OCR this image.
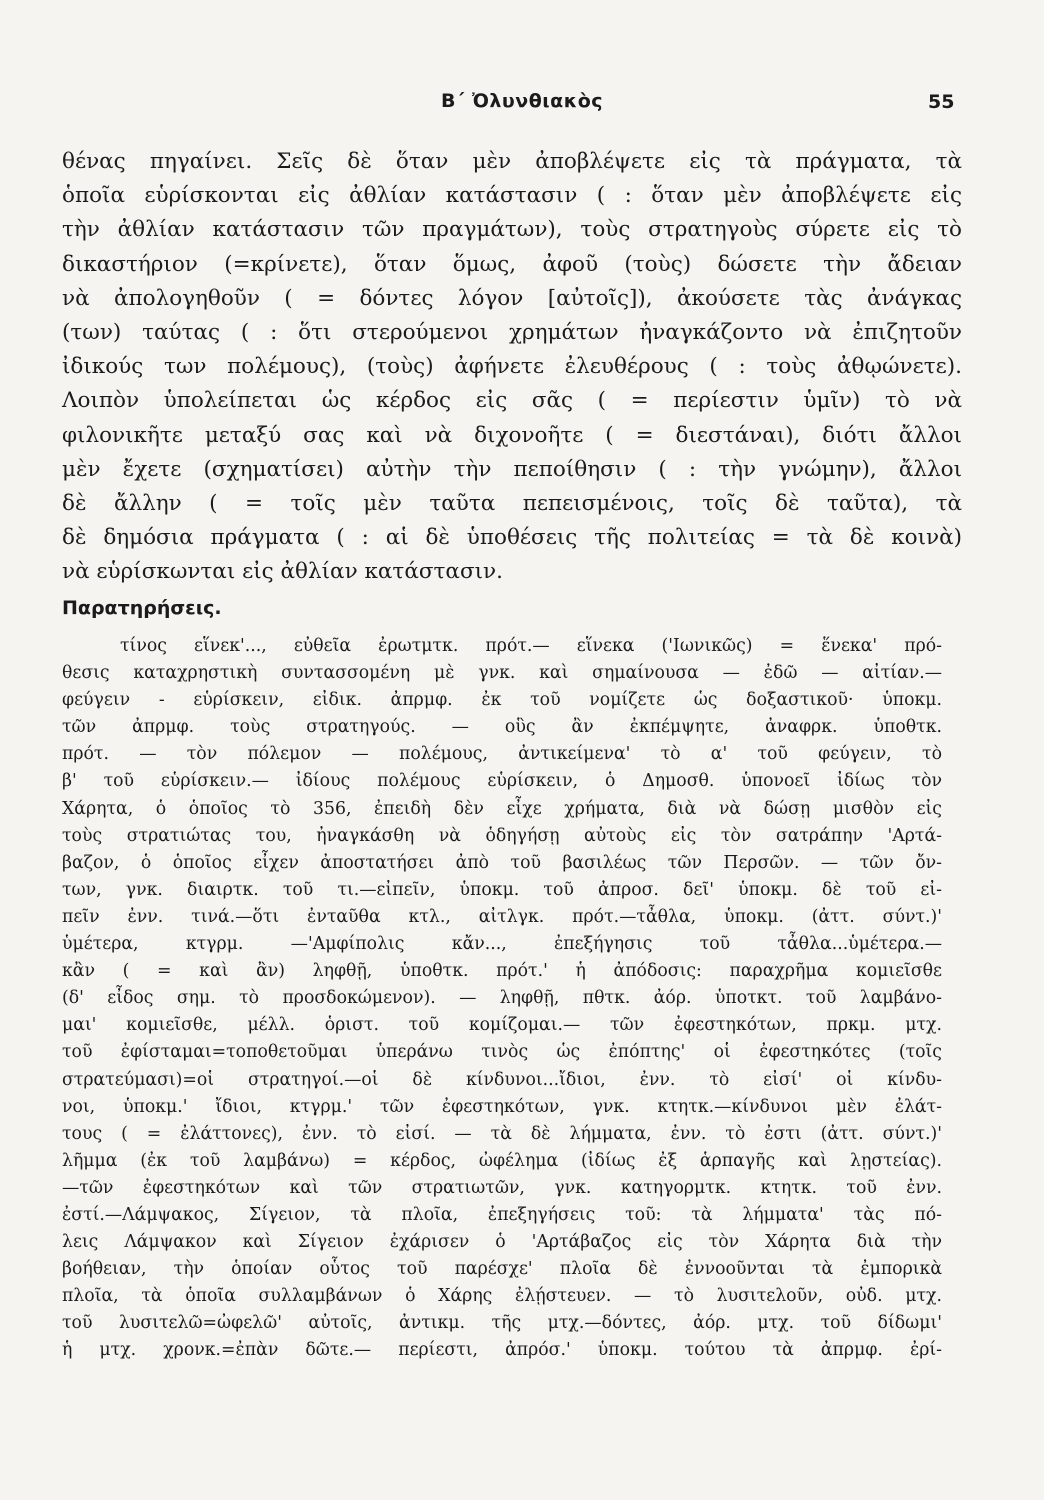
Β΄ Ὀλυνθιακὸς	55
θένας πηγαίνει. Σεῖς δὲ ὅταν μὲν ἀποβλέψετε εἰς τὰ πράγματα, τὰ
ὁποῖα εὑρίσκονται εἰς ἀθλίαν κατάστασιν ( : ὅταν μὲν ἀποβλέψετε εἰς
τὴν ἀθλίαν κατάστασιν τῶν πραγμάτων), τοὺς στρατηγοὺς σύρετε εἰς τὸ
δικαστήριον (=κρίνετε), ὅταν ὅμως, ἀφοῦ (τοὺς) δώσετε τὴν ἄδειαν
νὰ ἀπολογηθοῦν ( = δόντες λόγον [αὐτοῖς]), ἀκούσετε τὰς ἀνάγκας
(των) ταύτας ( : ὅτι στερούμενοι χρημάτων ἠναγκάζοντο νὰ ἐπιζητοῦν
ἰδικούς των πολέμους), (τοὺς) ἀφήνετε ἐλευθέρους ( : τοὺς ἀθῳώνετε).
Λοιπὸν ὑπολείπεται ὡς κέρδος εἰς σᾶς ( = περίεστιν ὑμῖν) τὸ νὰ
φιλονικῆτε μεταξύ σας καὶ νὰ διχονοῆτε ( = διεστάναι), διότι ἄλλοι
μὲν ἔχετε (σχηματίσει) αὐτὴν τὴν πεποίθησιν ( : τὴν γνώμην), ἄλλοι
δὲ ἄλλην ( = τοῖς μὲν ταῦτα πεπεισμένοις, τοῖς δὲ ταῦτα), τὰ
δὲ δημόσια πράγματα ( : αἱ δὲ ὑποθέσεις τῆς πολιτείας = τὰ δὲ κοινὰ)
νὰ εὑρίσκωνται εἰς ἀθλίαν κατάστασιν.
Παρατηρήσεις.
τίνος εἵνεκ'..., εὐθεῖα ἐρωτμτκ. πρότ.— εἵνεκα ('Ιωνικῶς) = ἕνεκα' πρό-
θεσις καταχρηστικὴ συντασσομένη μὲ γνκ. καὶ σημαίνουσα — ἐδῶ — αἰτίαν.—
φεύγειν - εὑρίσκειν, εἰδικ. ἀπρμφ. ἐκ τοῦ νομίζετε ὡς δοξαστικοῦ· ὑποκμ.
τῶν ἀπρμφ. τοὺς στρατηγούς. — οὓς ἂν ἐκπέμψητε, ἀναφρκ. ὑποθτκ.
πρότ. — τὸν πόλεμον — πολέμους, ἀντικείμενα' τὸ α' τοῦ φεύγειν, τὸ
β' τοῦ εὑρίσκειν.— ἰδίους πολέμους εὑρίσκειν, ὁ Δημοσθ. ὑπονοεῖ ἰδίως τὸν
Χάρητα, ὁ ὁποῖος τὸ 356, ἐπειδὴ δὲν εἶχε χρήματα, διὰ νὰ δώσῃ μισθὸν εἰς
τοὺς στρατιώτας του, ἠναγκάσθη νὰ ὁδηγήσῃ αὐτοὺς εἰς τὸν σατράπην 'Αρτά-
βαζον, ὁ ὁποῖος εἶχεν ἀποστατήσει ἀπὸ τοῦ βασιλέως τῶν Περσῶν. — τῶν ὄν-
των, γνκ. διαιρτκ. τοῦ τι.—εἰπεῖν, ὑποκμ. τοῦ ἀπροσ. δεῖ' ὑποκμ. δὲ τοῦ εἰ-
πεῖν ἐνν. τινά.—ὅτι ἐνταῦθα κτλ., αἰτλγκ. πρότ.—τἆθλα, ὑποκμ. (ἀττ. σύντ.)'
ὑμέτερα, κτγρμ. —'Αμφίπολις κἄν..., ἐπεξήγησις τοῦ τἆθλα...ὑμέτερα.—
κἂν ( = καὶ ἂν) ληφθῇ, ὑποθτκ. πρότ.' ἡ ἀπόδοσις: παραχρῆμα κομιεῖσθε
(δ' εἶδος σημ. τὸ προσδοκώμενον). — ληφθῇ, πθτκ. ἀόρ. ὑποτκτ. τοῦ λαμβάνο-
μαι' κομιεῖσθε, μέλλ. ὁριστ. τοῦ κομίζομαι.— τῶν ἐφεστηκότων, πρκμ. μτχ.
τοῦ ἐφίσταμαι=τοποθετοῦμαι ὑπεράνω τινὸς ὡς ἐπόπτης' οἱ ἐφεστηκότες (τοῖς
στρατεύμασι)=οἱ στρατηγοί.—οἱ δὲ κίνδυνοι...ἴδιοι, ἐνν. τὸ εἰσί' οἱ κίνδυ-
νοι, ὑποκμ.' ἴδιοι, κτγρμ.' τῶν ἐφεστηκότων, γνκ. κτητκ.—κίνδυνοι μὲν ἐλάτ-
τους ( = ἐλάττονες), ἐνν. τὸ εἰσί. — τὰ δὲ λήμματα, ἐνν. τὸ ἐστι (ἀττ. σύντ.)'
λῆμμα (ἐκ τοῦ λαμβάνω) = κέρδος, ὠφέλημα (ἰδίως ἐξ ἁρπαγῆς καὶ λῃστείας).
—τῶν ἐφεστηκότων καὶ τῶν στρατιωτῶν, γνκ. κατηγορμτκ. κτητκ. τοῦ ἐνν.
ἐστί.—Λάμψακος, Σίγειον, τὰ πλοῖα, ἐπεξηγήσεις τοῦ: τὰ λήμματα' τὰς πό-
λεις Λάμψακον καὶ Σίγειον ἐχάρισεν ὁ 'Αρτάβαζος εἰς τὸν Χάρητα διὰ τὴν
βοήθειαν, τὴν ὁποίαν οὗτος τοῦ παρέσχε' πλοῖα δὲ ἐννοοῦνται τὰ ἐμπορικὰ
πλοῖα, τὰ ὁποῖα συλλαμβάνων ὁ Χάρης ἐλῄστευεν. — τὸ λυσιτελοῦν, οὐδ. μτχ.
τοῦ λυσιτελῶ=ὠφελῶ' αὐτοῖς, ἀντικμ. τῆς μτχ.—δόντες, ἀόρ. μτχ. τοῦ δίδωμι'
ἡ μτχ. χρονκ.=ἐπὰν δῶτε.— περίεστι, ἀπρόσ.' ὑποκμ. τούτου τὰ ἀπρμφ. ἐρί-
